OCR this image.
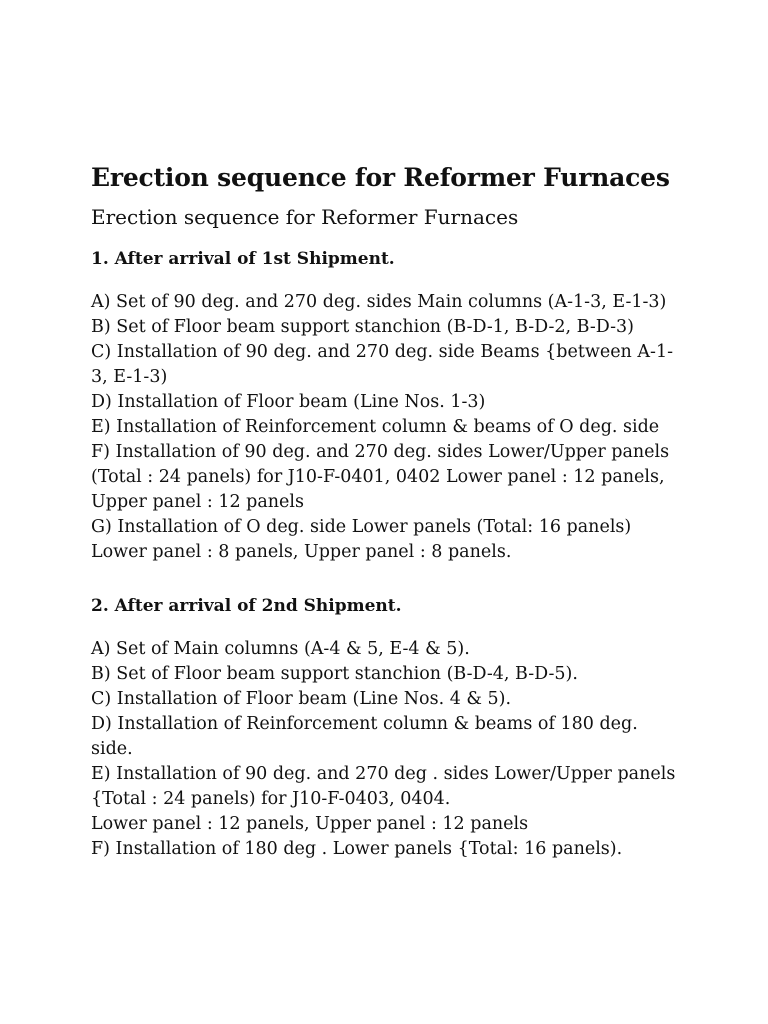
Erection sequence for Reformer Furnaces
Erection sequence for Reformer Furnaces
1. After arrival of 1st Shipment.
A) Set of 90 deg. and 270 deg. sides Main columns (A-1-3, E-1-3)
B) Set of Floor beam support stanchion (B-D-1, B-D-2, B-D-3)
C) Installation of 90 deg. and 270 deg. side Beams {between A-1-3, E-1-3)
D) Installation of Floor beam (Line Nos. 1-3)
E) Installation of Reinforcement column & beams of O deg. side
F) Installation of 90 deg. and 270 deg. sides Lower/Upper panels (Total : 24 panels) for J10-F-0401, 0402 Lower panel : 12 panels, Upper panel : 12 panels
G) Installation of O deg. side Lower panels (Total: 16 panels) Lower panel : 8 panels, Upper panel : 8 panels.
2. After arrival of 2nd Shipment.
A) Set of Main columns (A-4 & 5, E-4 & 5).
B) Set of Floor beam support stanchion (B-D-4, B-D-5).
C) Installation of Floor beam (Line Nos. 4 & 5).
D) Installation of Reinforcement column & beams of 180 deg. side.
E) Installation of 90 deg. and 270 deg . sides Lower/Upper panels {Total : 24 panels) for J10-F-0403, 0404.
Lower panel : 12 panels, Upper panel : 12 panels
F) Installation of 180 deg . Lower panels {Total: 16 panels).
